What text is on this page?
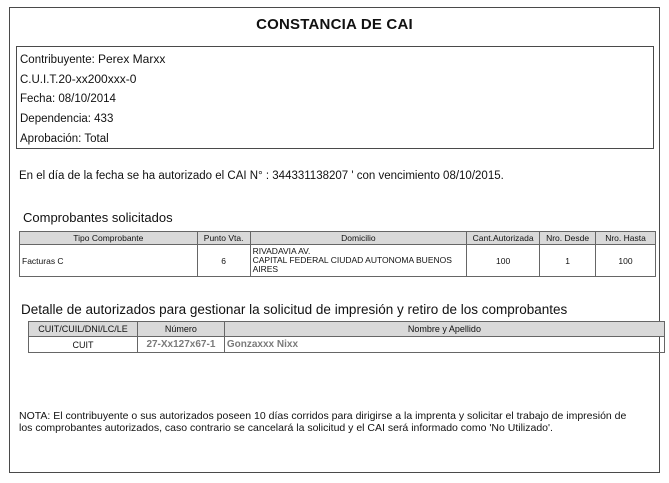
CONSTANCIA DE CAI
Contribuyente: Perex Marxx
C.U.I.T.20-xx200xxx-0
Fecha: 08/10/2014
Dependencia: 433
Aprobación: Total
En el día de la fecha se ha autorizado el CAI N° : 344331138207 ' con vencimiento 08/10/2015.
Comprobantes solicitados
Tipo Comprobante	Punto Vta.	Domicilio	Cant.Autorizada	Nro. Desde	Nro. Hasta
Facturas C	6	RIVADAVIA AV.
CAPITAL FEDERAL CIUDAD AUTONOMA BUENOS
AIRES	100	1	100
Detalle de autorizados para gestionar la solicitud de impresión y retiro de los comprobantes
CUIT/CUIL/DNI/LC/LE	Número	Nombre y Apellido
CUIT	27-Xx127x67-1	Gonzaxxx Nixx
NOTA: El contribuyente o sus autorizados poseen 10 días corridos para dirigirse a la imprenta y solicitar el trabajo de impresión de los comprobantes autorizados, caso contrario se cancelará la solicitud y el CAI será informado como 'No Utilizado'.
